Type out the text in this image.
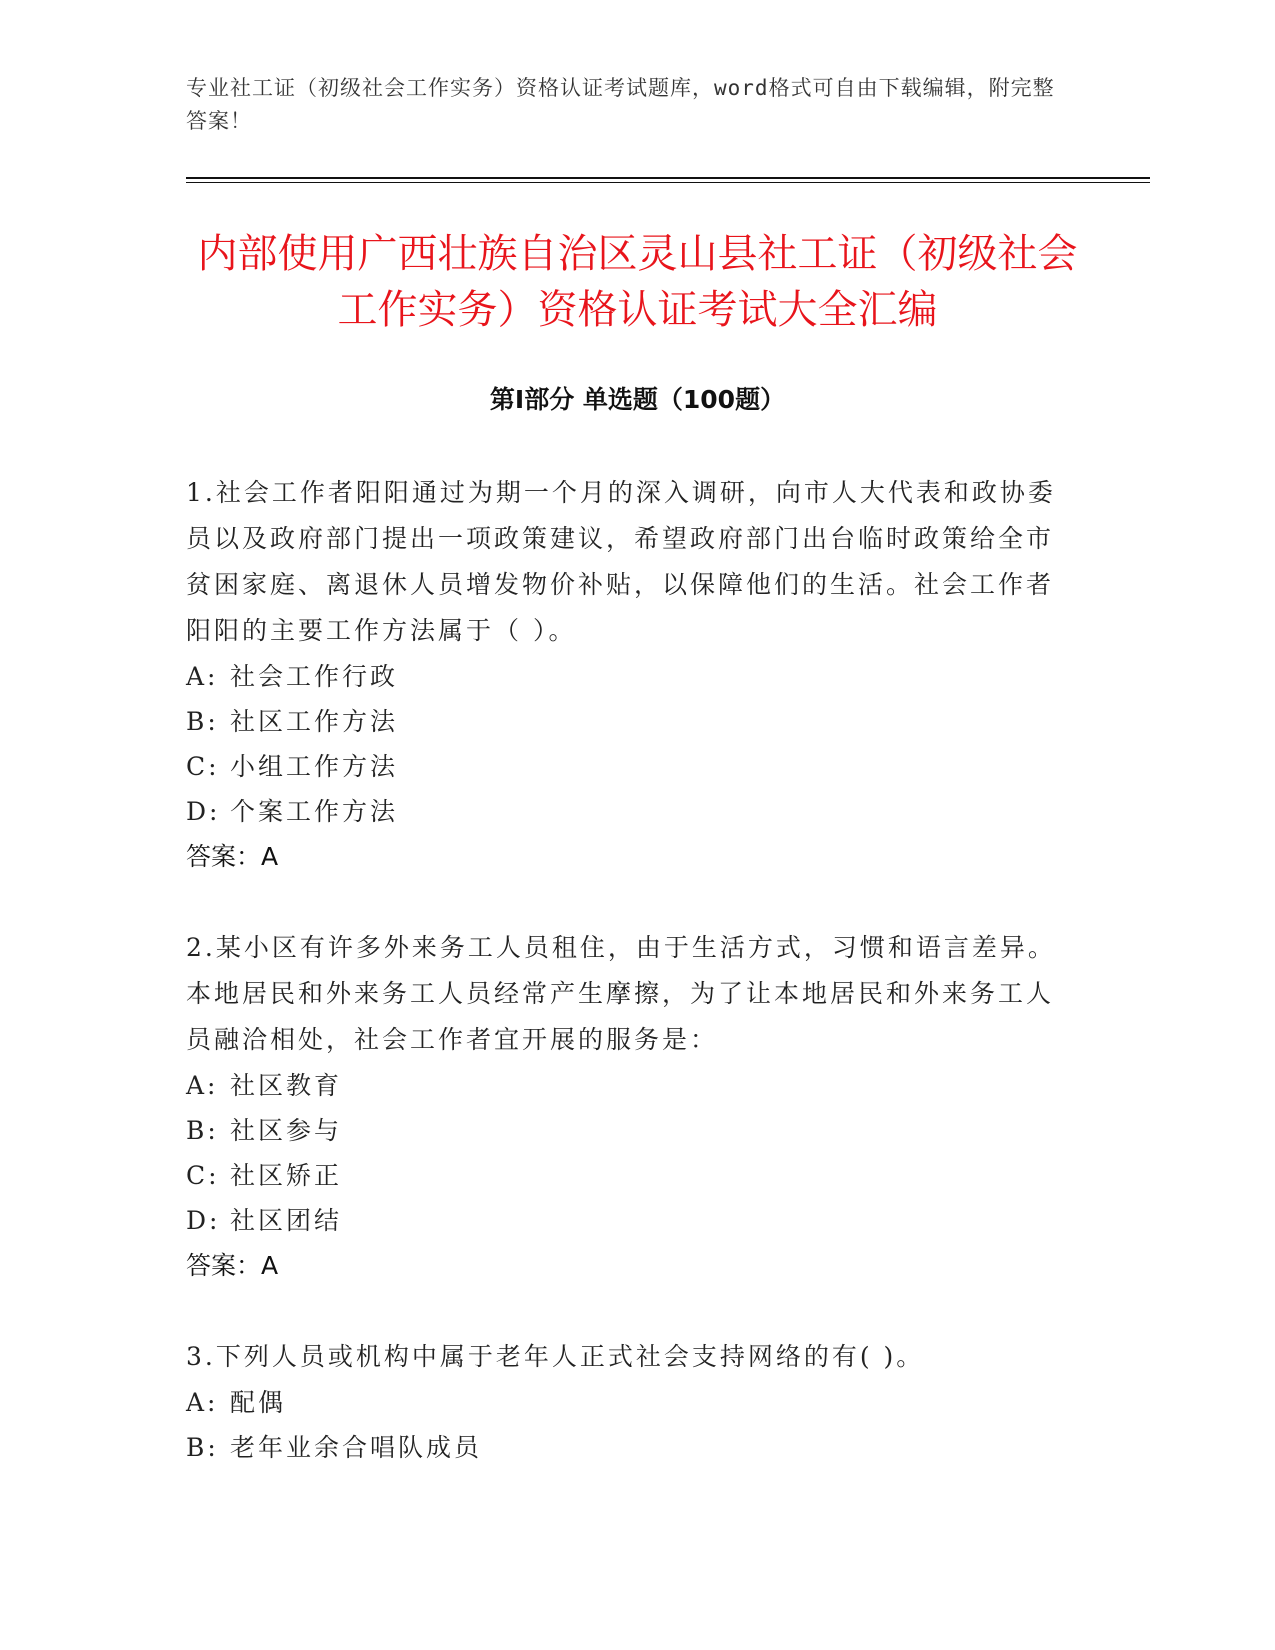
专业社工证（初级社会工作实务）资格认证考试题库，word格式可自由下载编辑，附完整答案！
内部使用广西壮族自治区灵山县社工证（初级社会工作实务）资格认证考试大全汇编
第I部分 单选题（100题）
1.社会工作者阳阳通过为期一个月的深入调研，向市人大代表和政协委员以及政府部门提出一项政策建议，希望政府部门出台临时政策给全市贫困家庭、离退休人员增发物价补贴，以保障他们的生活。社会工作者阳阳的主要工作方法属于（ ）。
A: 社会工作行政
B: 社区工作方法
C: 小组工作方法
D: 个案工作方法
答案：A
2.某小区有许多外来务工人员租住，由于生活方式，习惯和语言差异。本地居民和外来务工人员经常产生摩擦，为了让本地居民和外来务工人员融洽相处，社会工作者宜开展的服务是：
A: 社区教育
B: 社区参与
C: 社区矫正
D: 社区团结
答案：A
3.下列人员或机构中属于老年人正式社会支持网络的有( )。
A: 配偶
B: 老年业余合唱队成员
